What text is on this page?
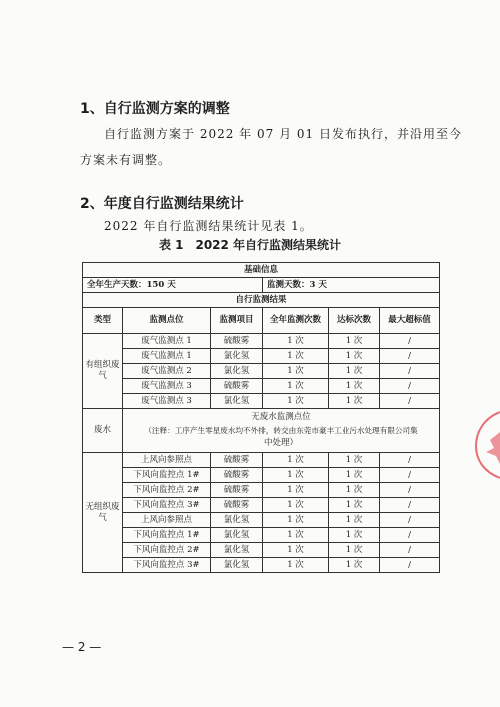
1、自行监测方案的调整
自行监测方案于 2022 年 07 月 01 日发布执行，并沿用至今
方案未有调整。
2、年度自行监测结果统计
2022 年自行监测结果统计见表 1。
表 1　2022 年自行监测结果统计
基础信息					
全年生产天数：150 天			监测天数：3 天		
自行监测结果					
类型	监测点位	监测项目	全年监测次数	达标次数	最大超标值
有组织废气	废气监测点 1	硫酸雾	1 次	1 次	/
	废气监测点 1	氯化氢	1 次	1 次	/
	废气监测点 2	氯化氢	1 次	1 次	/
	废气监测点 3	硫酸雾	1 次	1 次	/
	废气监测点 3	氯化氢	1 次	1 次	/
废水	无废水监测点位
（注释：工序产生零星废水均不外排，转交由东莞市豪丰工业污水处理有限公司集
中处理）				

无组织废气	上风向参照点	硫酸雾	1 次	1 次	/
	下风向监控点 1#	硫酸雾	1 次	1 次	/
	下风向监控点 2#	硫酸雾	1 次	1 次	/
	下风向监控点 3#	硫酸雾	1 次	1 次	/
	上风向参照点	氯化氢	1 次	1 次	/
	下风向监控点 1#	氯化氢	1 次	1 次	/
	下风向监控点 2#	氯化氢	1 次	1 次	/
	下风向监控点 3#	氯化氢	1 次	1 次	/
— 2 —
